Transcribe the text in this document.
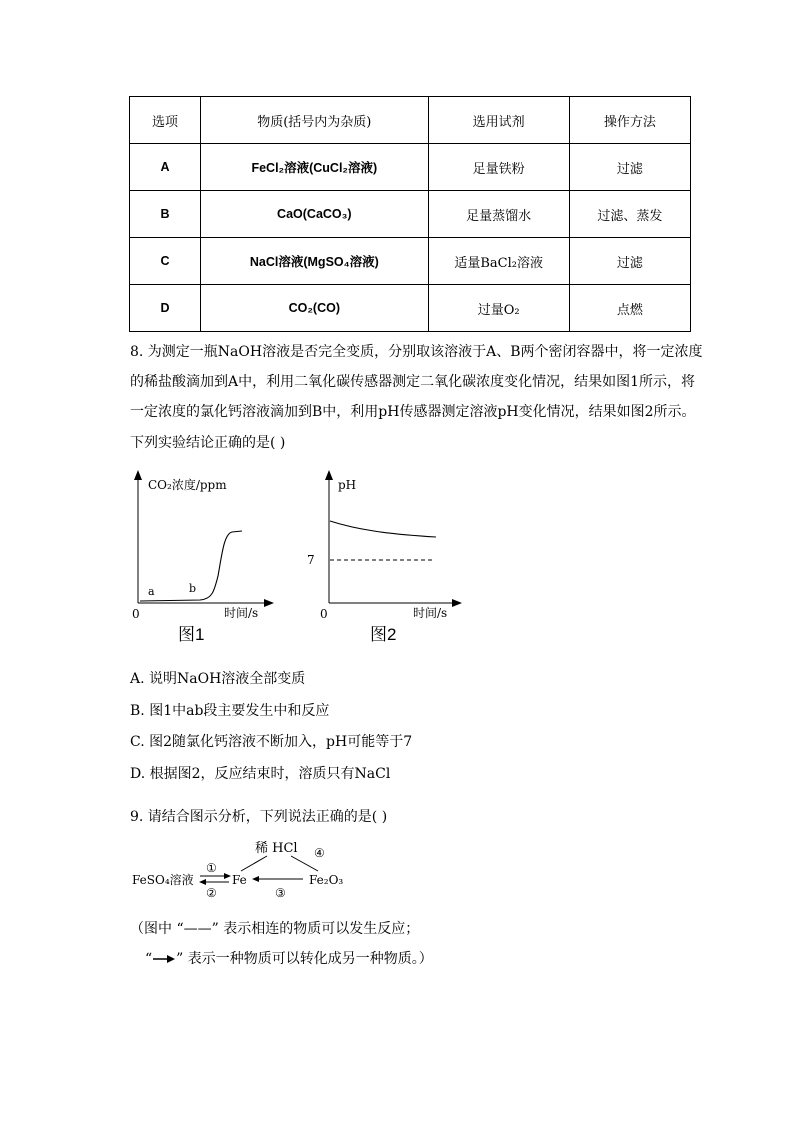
选项	物质(括号内为杂质)	选用试剂	操作方法
A	FeCl₂溶液(CuCl₂溶液)	足量铁粉	过滤
B	CaO(CaCO₃)	足量蒸馏水	过滤、蒸发
C	NaCl溶液(MgSO₄溶液)	适量BaCl₂溶液	过滤
D	CO₂(CO)	过量O₂	点燃
8. 为测定一瓶NaOH溶液是否完全变质，分别取该溶液于A、B两个密闭容器中，将一定浓度
的稀盐酸滴加到A中，利用二氧化碳传感器测定二氧化碳浓度变化情况，结果如图1所示，将
一定浓度的氯化钙溶液滴加到B中，利用pH传感器测定溶液pH变化情况，结果如图2所示。
下列实验结论正确的是( )
CO₂浓度/ppm
时间/s
0
a	b
图1
pH
时间/s
0
7
图2
A. 说明NaOH溶液全部变质
B. 图1中ab段主要发生中和反应
C. 图2随氯化钙溶液不断加入，pH可能等于7
D. 根据图2，反应结束时，溶质只有NaCl
9. 请结合图示分析，下列说法正确的是( )
稀 HCl
FeSO₄溶液	Fe	Fe₂O₃
①
②	③
④
（图中 “——” 表示相连的物质可以发生反应；
“ ” 表示一种物质可以转化成另一种物质。）
